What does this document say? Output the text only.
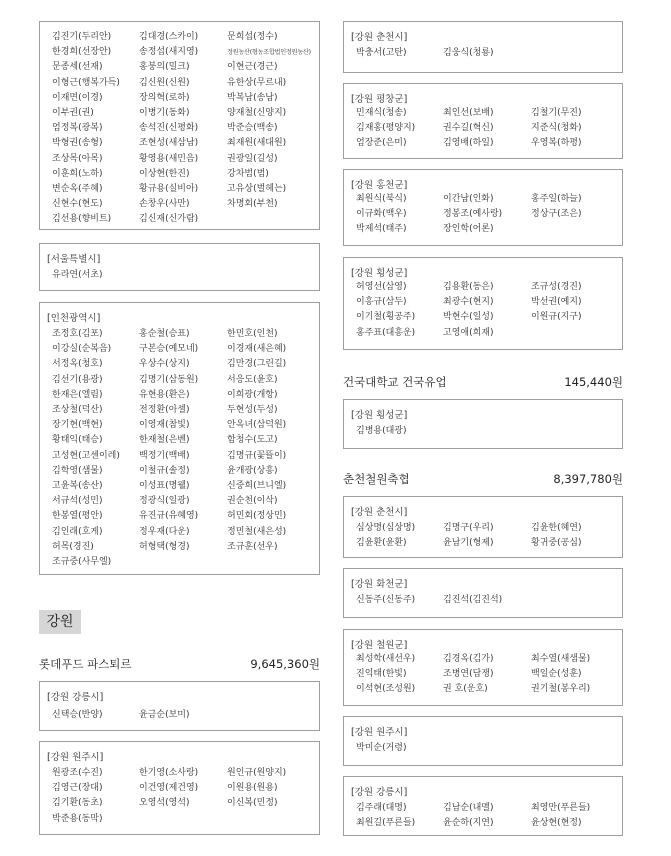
김진기(두리안)	김대경(스카이)	문희섭(정수)
한경희(선장안)	송정섭(새지영)	정원농산(형농조합법인정원농산)
문종세(선재)	홍붕의(밀크)	이현근(경근)
이형근(행복가득)	김신원(신원)	유한상(무르내)
이재면(이경)	장의혁(로하)	박복남(송남)
이부권(권)	이병기(동화)	양재철(신양지)
엄정복(광복)	송석진(신평화)	박준승(백송)
박형권(송형)	조현성(새삼남)	최재원(새대원)
조상목(아목)	황영용(새민음)	권광일(길성)
이훈희(노하)	이상현(한진)	강차범(범)
변순옥(주혜)	황규용(실비아)	고유상(벌헤는)
신현수(현도)	손창우(사만)	차명회(부천)
김선용(향비트)	김신재(신가람)
[서울특별시]
유라연(서초)
[인천광역시]
조정호(김포)	홍순철(승표)	한민호(인천)
이강실(순복음)	구본승(예모네)	이경재(새은혜)
서정옥(청호)	우상수(상지)	김만경(그린길)
김선기(용광)	김명기(삼동원)	서응도(윤호)
한재은(엘림)	유현용(환은)	이희광(개항)
조상철(덕산)	전정환(아셀)	두현성(두성)
장기현(백현)	이영재(참빛)	안옥녀(삼덕원)
황태익(태승)	한재철(은벤)	함청수(도고)
고성현(고센이레)	백정기(백배)	김명규(꽃뜰이)
김학영(샘물)	이철규(솔정)	윤개광(상흥)
고윤복(송산)	이성표(명웰)	신중희(브니엘)
서규석(성민)	정광식(일광)	권순천(이삭)
한봉열(평안)	유진규(유혜영)	허민회(정상민)
김인래(호게)	정우재(다운)	정민철(새은성)
허목(경진)	허형택(형경)	조규훈(선우)
조규중(사무엘)
강원
롯데푸드 파스퇴르	9,645,360원
[강원 강릉시]
신택승(반양)	윤금순(보미)
[강원 원주시]
원광조(수진)	한기영(소사랑)	원인규(원양지)
김영근(장대)	이건영(제건영)	이원용(원용)
김기환(동초)	오영석(영석)	이신복(민정)
박준용(동막)
[강원 춘천시]
박충서(고탄)	김웅식(청룡)
[강원 평창군]
민재식(청송)	최인선(보배)	김철기(무진)
김재홍(평양지)	권수길(혁신)	지준식(청화)
엄장준(은미)	김영배(하일)	우영복(하평)
[강원 홍천군]
최원식(북식)	이간남(인화)	홍주일(하늘)
이규화(백우)	정봉조(예사랑)	정상구(조은)
박제석(태주)	장인학(어론)
[강원 횡성군]
허영선(삼영)	김용환(동은)	조규성(경진)
이흥규(삼두)	최광수(현지)	박선권(예지)
이기철(횡공주)	박현수(일성)	이원규(지구)
홍주표(대흥운)	고영애(희재)
건국대학교 건국유업	145,440원
[강원 횡성군]
김병용(대광)
춘천철원축협	8,397,780원
[강원 춘천시]
심상명(심상명)	김명구(우리)	김윤한(혜연)
김윤환(윤환)	윤남기(형제)	황귀중(공심)
[강원 화천군]
신동주(신동주)	김진석(김진석)
[강원 철원군]
최성학(새선우)	김경옥(김가)	최수열(새샘물)
진익태(한빛)	조병연(담쟁)	백일순(성훈)
이석현(조성원)	권 호(운호)	권기철(봉우리)
[강원 원주시]
박미순(거령)
[강원 강릉시]
김주래(대명)	김남순(내멜)	최영만(푸른들)
최원길(푸른들)	윤순하(지연)	윤상현(현정)
